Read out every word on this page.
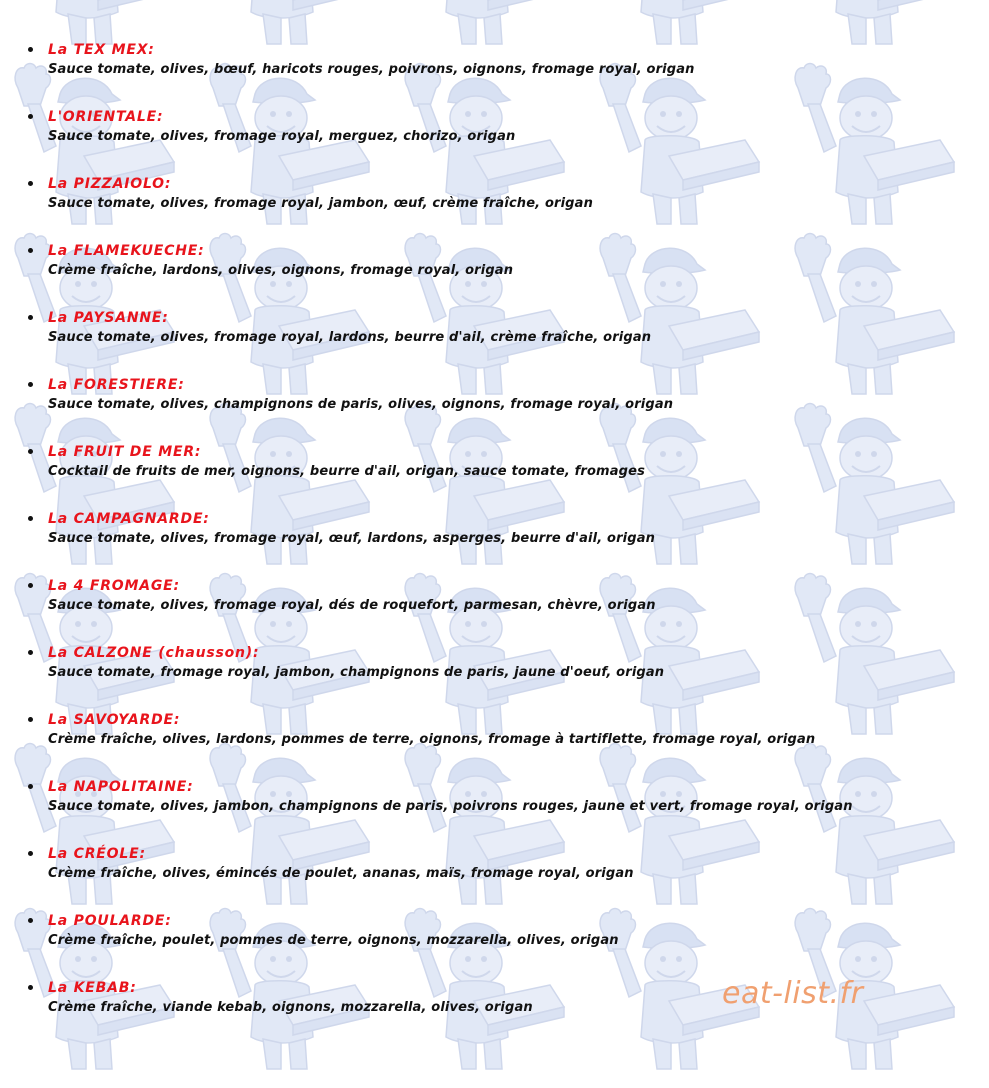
La TEX MEX:
Sauce tomate, olives, bœuf, haricots rouges, poivrons, oignons, fromage royal, origan
L'ORIENTALE:
Sauce tomate, olives, fromage royal, merguez, chorizo, origan
La PIZZAIOLO:
Sauce tomate, olives, fromage royal, jambon, œuf, crème fraîche, origan
La FLAMEKUECHE:
Crème fraîche, lardons, olives, oignons, fromage royal, origan
La PAYSANNE:
Sauce tomate, olives, fromage royal, lardons, beurre d'ail, crème fraîche, origan
La FORESTIERE:
Sauce tomate, olives, champignons de paris, olives, oignons, fromage royal, origan
La FRUIT DE MER:
Cocktail de fruits de mer, oignons, beurre d'ail, origan, sauce tomate, fromages
La CAMPAGNARDE:
Sauce tomate, olives, fromage royal, œuf, lardons, asperges, beurre d'ail, origan
La 4 FROMAGE:
Sauce tomate, olives, fromage royal, dés de roquefort, parmesan, chèvre, origan
La CALZONE (chausson):
Sauce tomate, fromage royal, jambon, champignons de paris, jaune d'oeuf, origan
La SAVOYARDE:
Crème fraîche, olives, lardons, pommes de terre, oignons, fromage à tartiflette, fromage royal, origan
La NAPOLITAINE:
Sauce tomate, olives, jambon, champignons de paris, poivrons rouges, jaune et vert, fromage royal, origan
La CRÉOLE:
Crème fraîche, olives, émincés de poulet, ananas, maïs, fromage royal, origan
La POULARDE:
Crème fraîche, poulet, pommes de terre, oignons, mozzarella, olives, origan
La KEBAB:
Crème fraîche, viande kebab, oignons, mozzarella, olives, origan	eat-list.fr
